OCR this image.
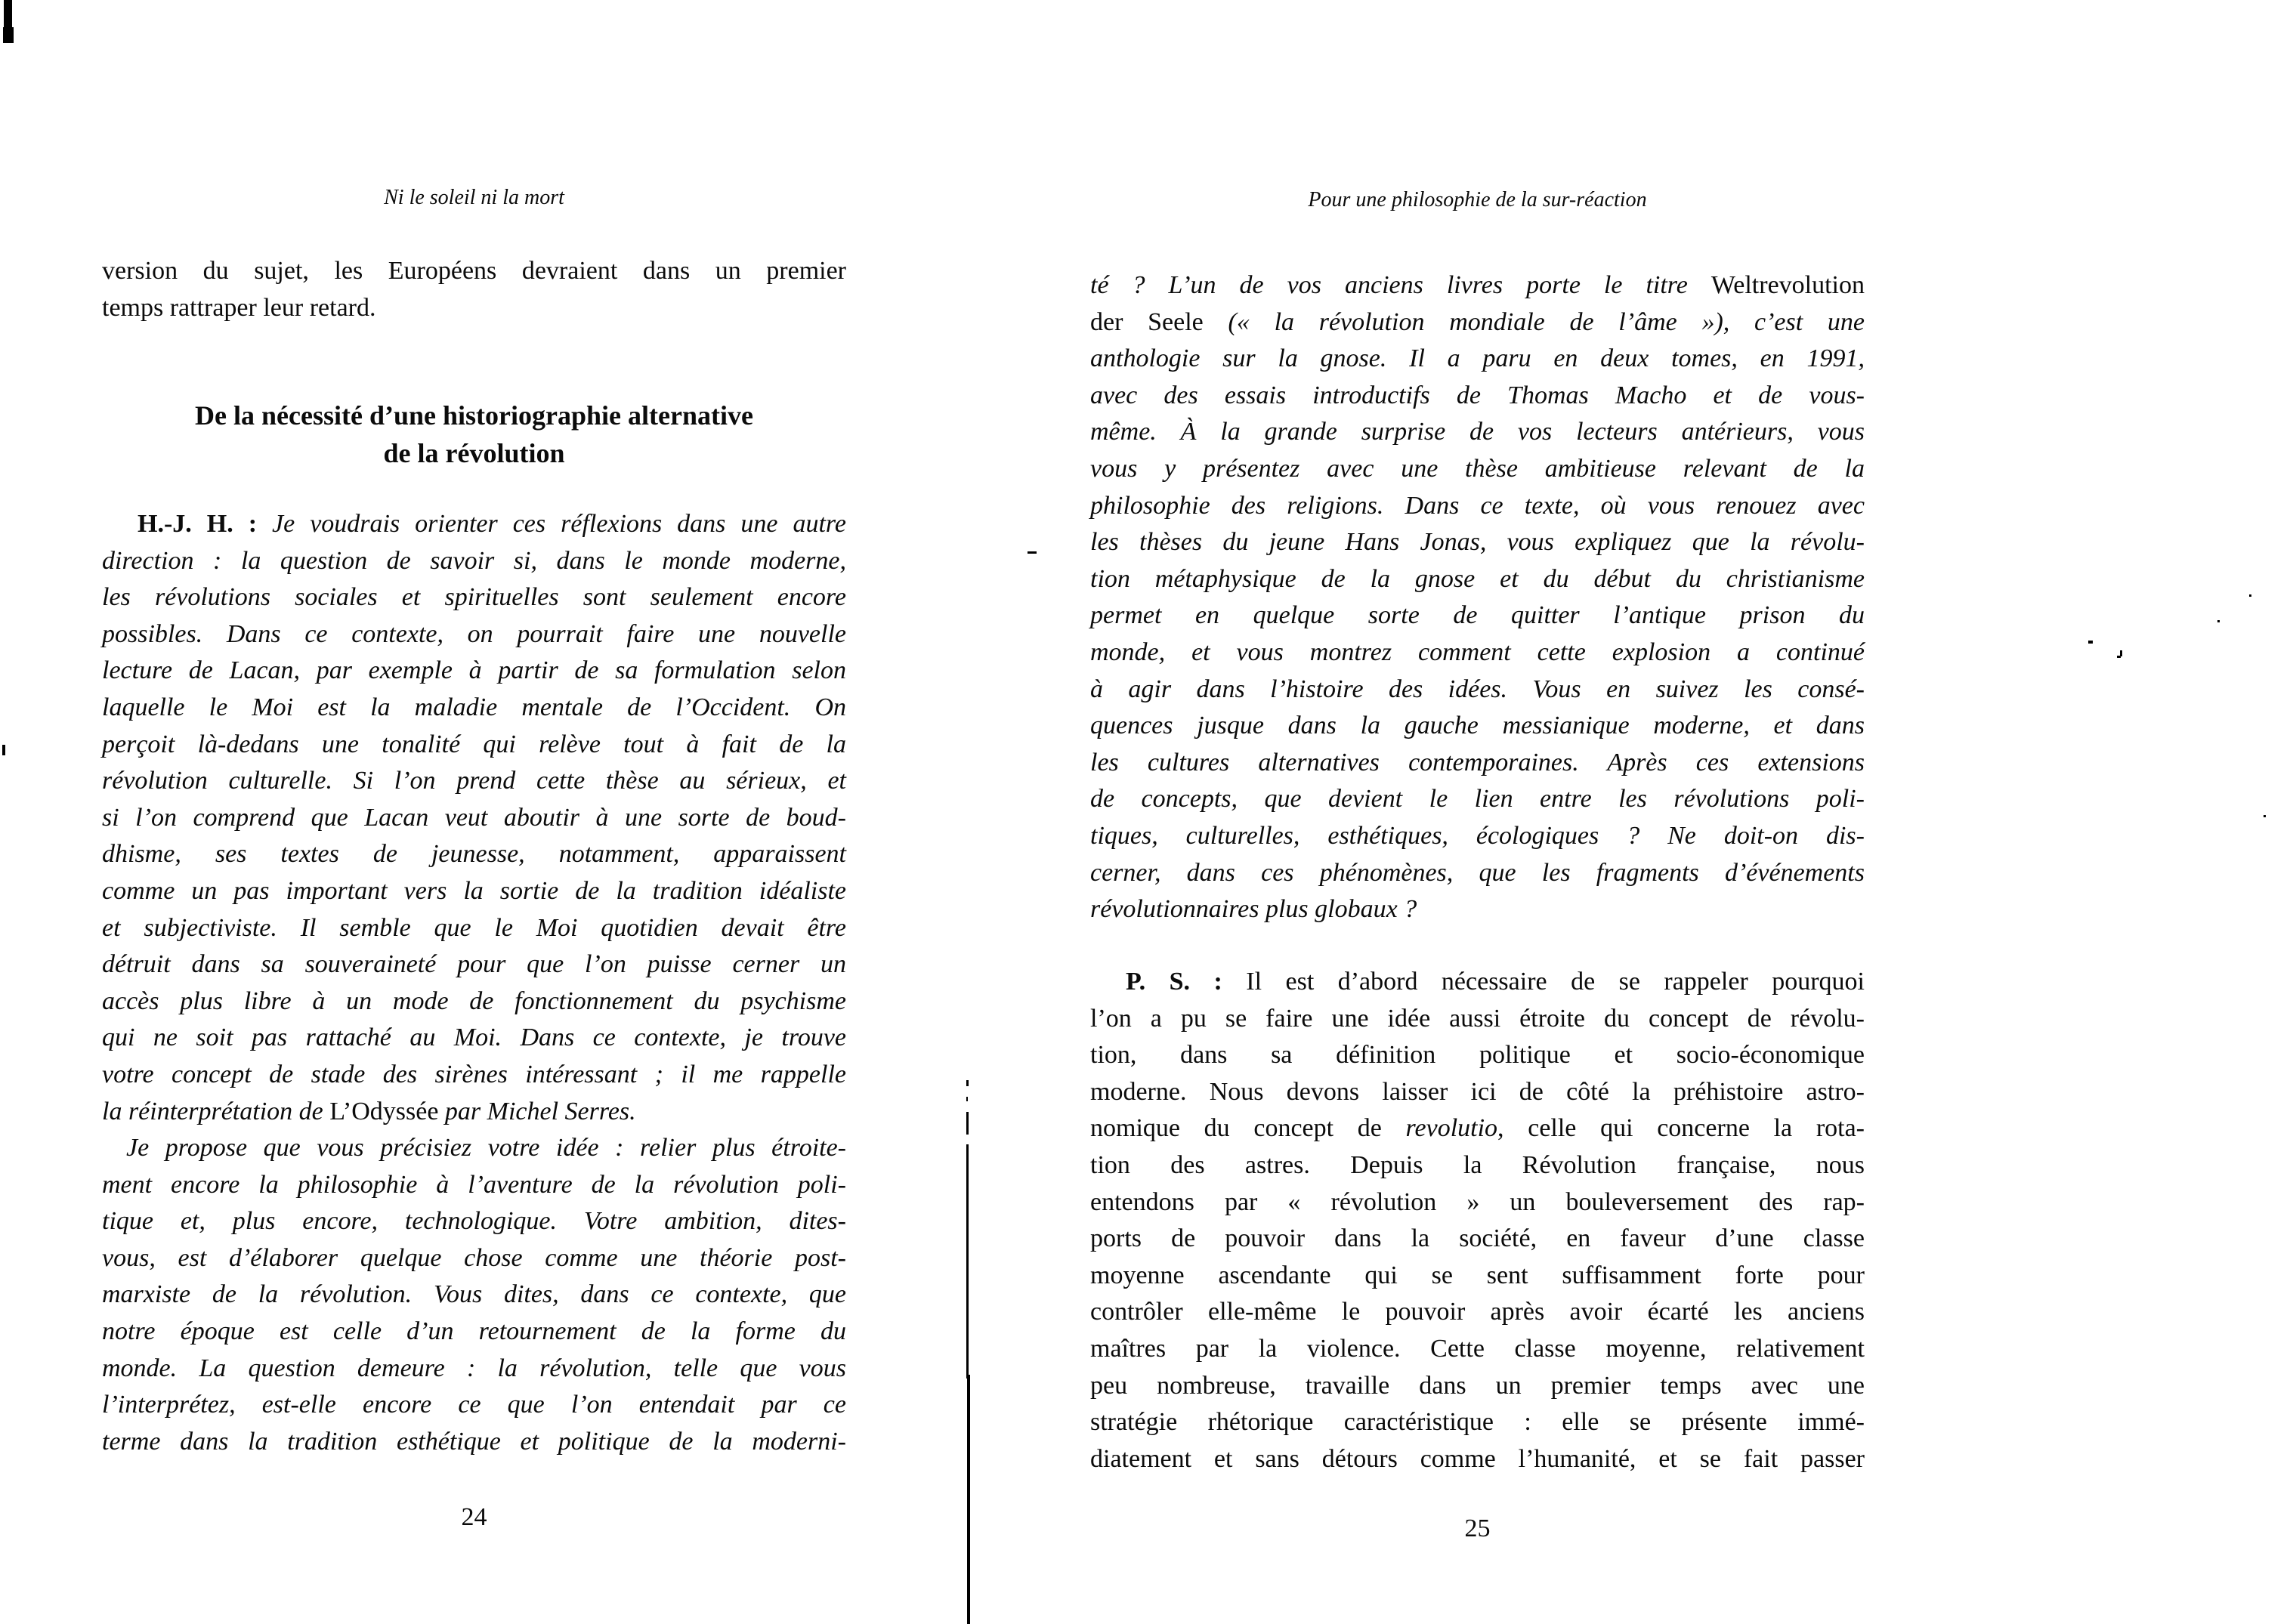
Ni le soleil ni la mort
version du sujet, les Européens devraient dans un premier
temps rattraper leur retard.
De la nécessité d’une historiographie alternative
de la révolution
H.-J. H. : Je voudrais orienter ces réflexions dans une autre
direction : la question de savoir si, dans le monde moderne,
les révolutions sociales et spirituelles sont seulement encore
possibles. Dans ce contexte, on pourrait faire une nouvelle
lecture de Lacan, par exemple à partir de sa formulation selon
laquelle le Moi est la maladie mentale de l’Occident. On
perçoit là-dedans une tonalité qui relève tout à fait de la
révolution culturelle. Si l’on prend cette thèse au sérieux, et
si l’on comprend que Lacan veut aboutir à une sorte de boud-
dhisme, ses textes de jeunesse, notamment, apparaissent
comme un pas important vers la sortie de la tradition idéaliste
et subjectiviste. Il semble que le Moi quotidien devait être
détruit dans sa souveraineté pour que l’on puisse cerner un
accès plus libre à un mode de fonctionnement du psychisme
qui ne soit pas rattaché au Moi. Dans ce contexte, je trouve
votre concept de stade des sirènes intéressant ; il me rappelle
la réinterprétation de L’Odyssée par Michel Serres.
Je propose que vous précisiez votre idée : relier plus étroite-
ment encore la philosophie à l’aventure de la révolution poli-
tique et, plus encore, technologique. Votre ambition, dites-
vous, est d’élaborer quelque chose comme une théorie post-
marxiste de la révolution. Vous dites, dans ce contexte, que
notre époque est celle d’un retournement de la forme du
monde. La question demeure : la révolution, telle que vous
l’interprétez, est-elle encore ce que l’on entendait par ce
terme dans la tradition esthétique et politique de la moderni-
24
Pour une philosophie de la sur-réaction
té ? L’un de vos anciens livres porte le titre Weltrevolution
der Seele (« la révolution mondiale de l’âme »), c’est une
anthologie sur la gnose. Il a paru en deux tomes, en 1991,
avec des essais introductifs de Thomas Macho et de vous-
même. À la grande surprise de vos lecteurs antérieurs, vous
vous y présentez avec une thèse ambitieuse relevant de la
philosophie des religions. Dans ce texte, où vous renouez avec
les thèses du jeune Hans Jonas, vous expliquez que la révolu-
tion métaphysique de la gnose et du début du christianisme
permet en quelque sorte de quitter l’antique prison du
monde, et vous montrez comment cette explosion a continué
à agir dans l’histoire des idées. Vous en suivez les consé-
quences jusque dans la gauche messianique moderne, et dans
les cultures alternatives contemporaines. Après ces extensions
de concepts, que devient le lien entre les révolutions poli-
tiques, culturelles, esthétiques, écologiques ? Ne doit-on dis-
cerner, dans ces phénomènes, que les fragments d’événements
révolutionnaires plus globaux ?
P. S. : Il est d’abord nécessaire de se rappeler pourquoi
l’on a pu se faire une idée aussi étroite du concept de révolu-
tion, dans sa définition politique et socio-économique
moderne. Nous devons laisser ici de côté la préhistoire astro-
nomique du concept de revolutio, celle qui concerne la rota-
tion des astres. Depuis la Révolution française, nous
entendons par « révolution » un bouleversement des rap-
ports de pouvoir dans la société, en faveur d’une classe
moyenne ascendante qui se sent suffisamment forte pour
contrôler elle-même le pouvoir après avoir écarté les anciens
maîtres par la violence. Cette classe moyenne, relativement
peu nombreuse, travaille dans un premier temps avec une
stratégie rhétorique caractéristique : elle se présente immé-
diatement et sans détours comme l’humanité, et se fait passer
25
